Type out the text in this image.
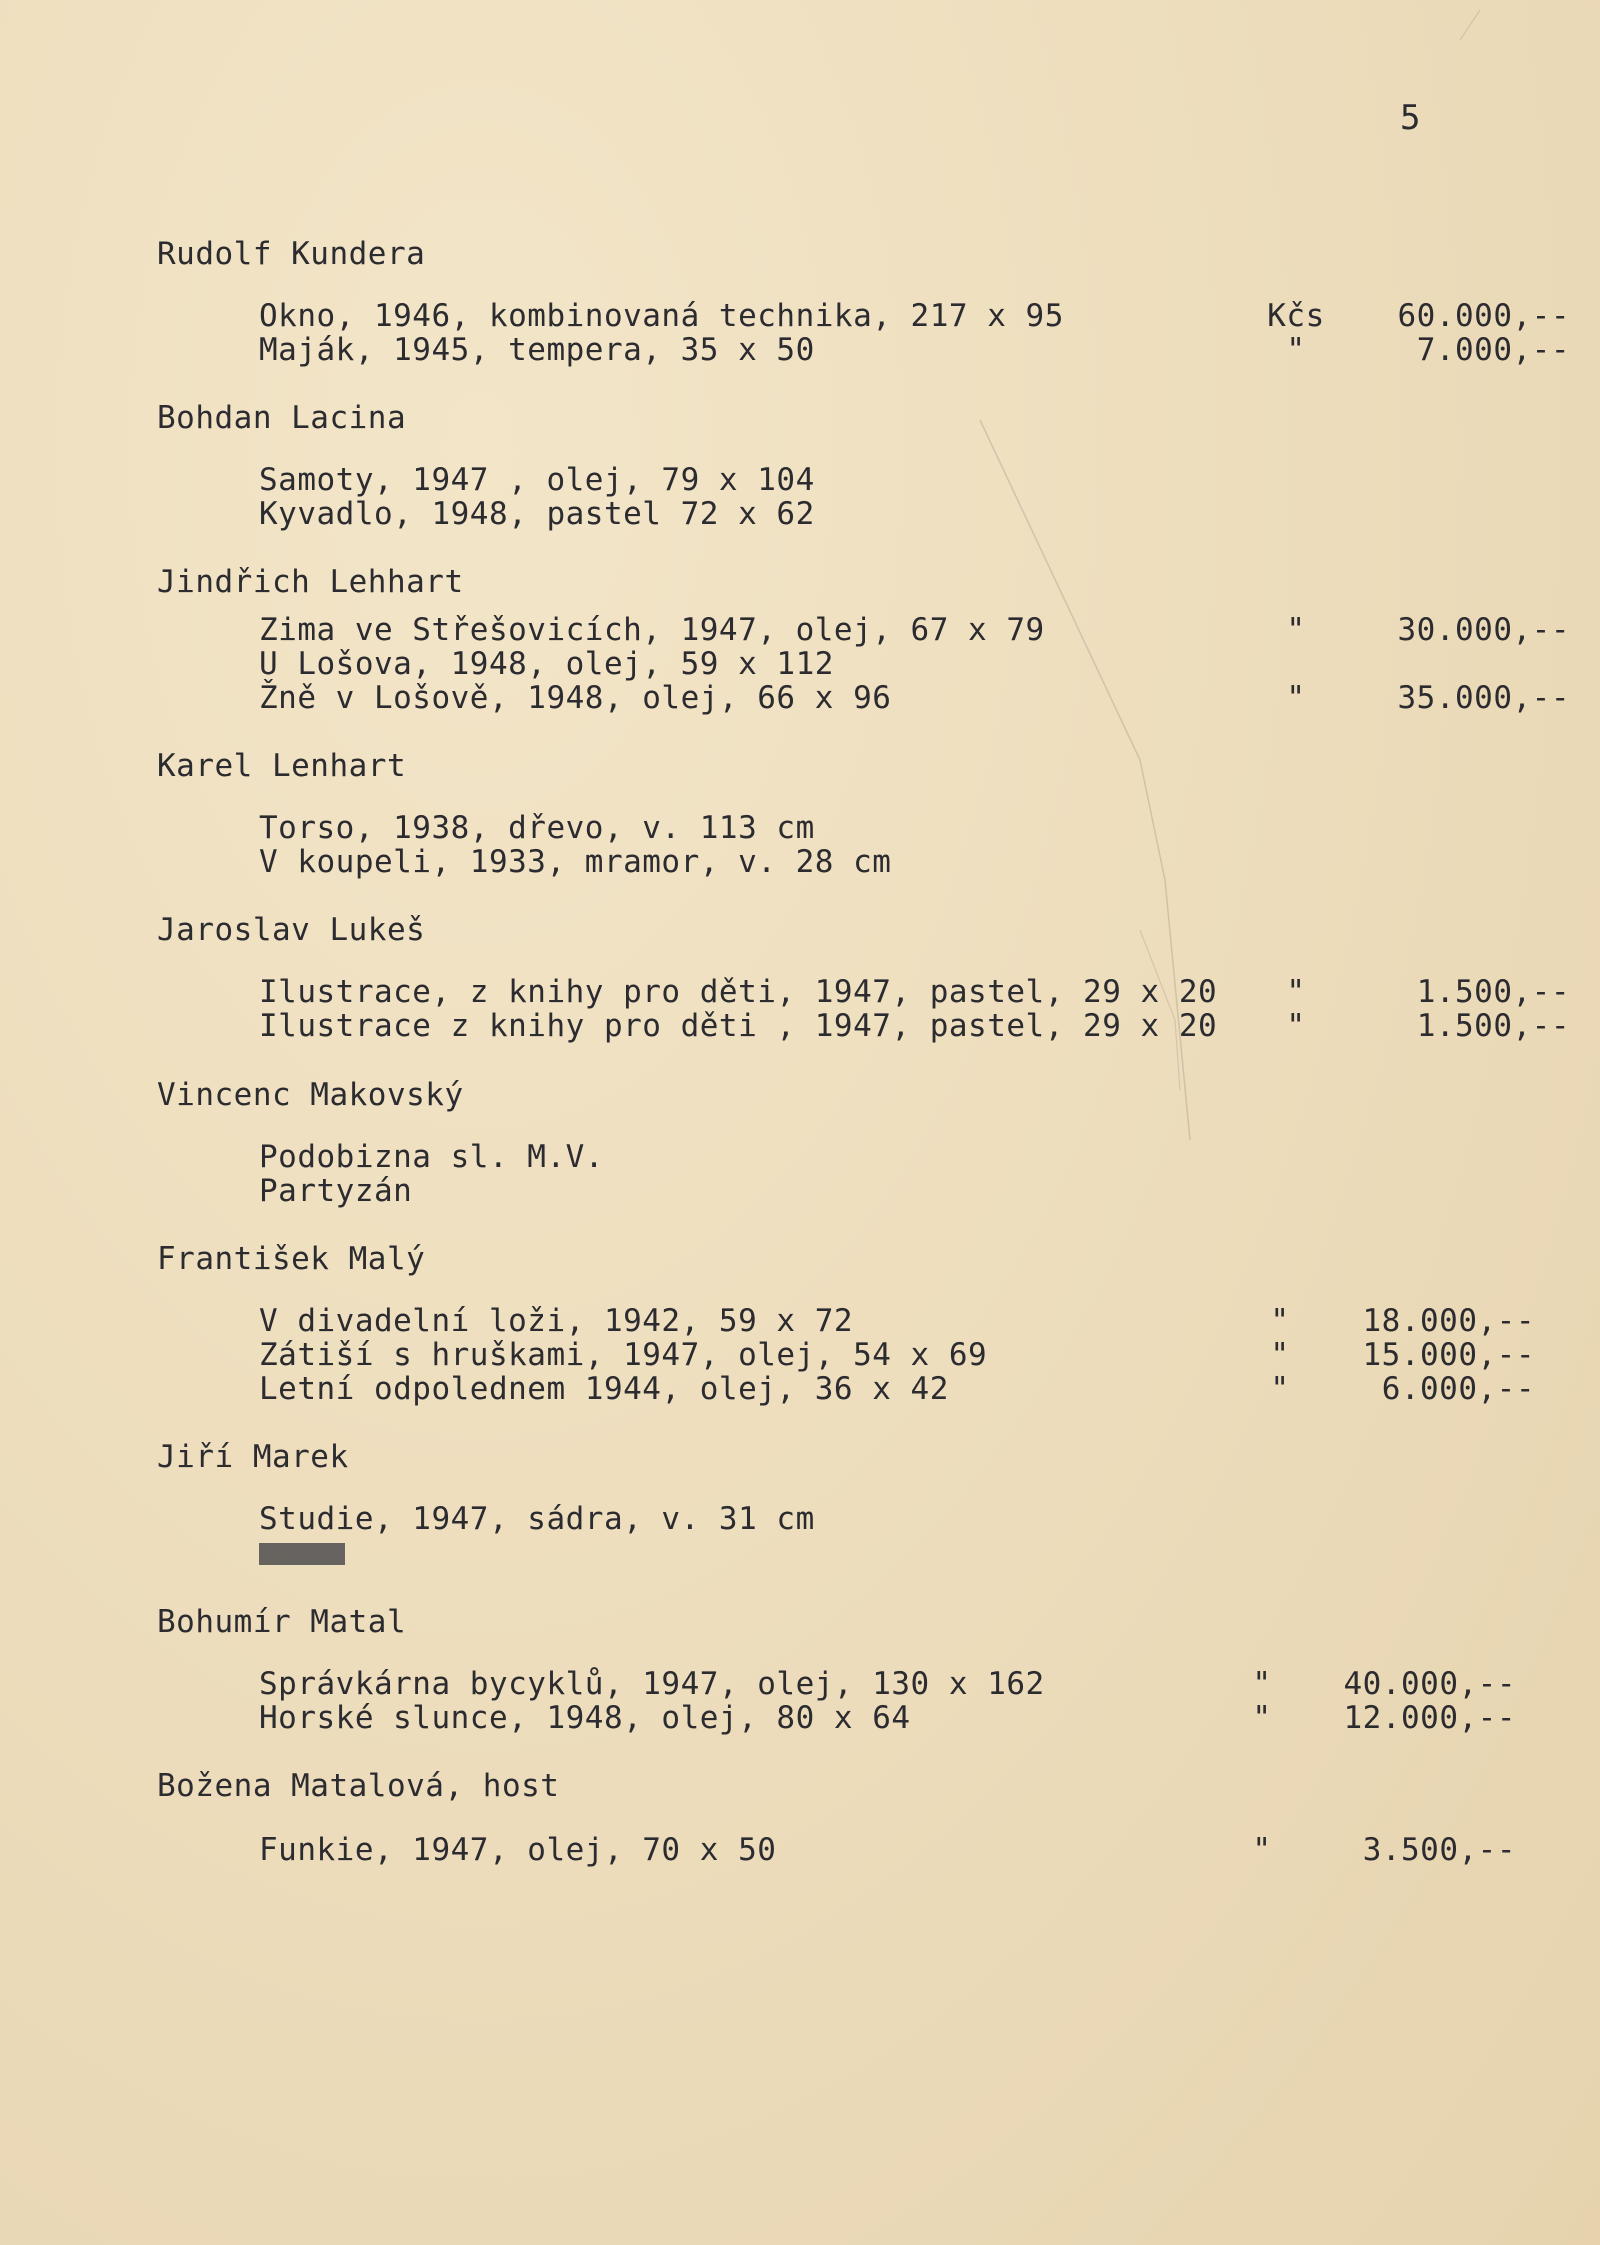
5
Rudolf Kundera
Okno, 1946, kombinovaná technika, 217 x 95	Kčs	60.000,--
Maják, 1945, tempera, 35 x 50	"	7.000,--
Bohdan Lacina
Samoty, 1947 , olej, 79 x 104
Kyvadlo, 1948, pastel 72 x 62
Jindřich Lehhart
Zima ve Střešovicích, 1947, olej, 67 x 79	"	30.000,--
U Lošova, 1948, olej, 59 x 112
Žně v Lošově, 1948, olej, 66 x 96	"	35.000,--
Karel Lenhart
Torso, 1938, dřevo, v. 113 cm
V koupeli, 1933, mramor, v. 28 cm
Jaroslav Lukeš
Ilustrace, z knihy pro děti, 1947, pastel, 29 x 20	"	1.500,--
Ilustrace z knihy pro děti , 1947, pastel, 29 x 20	"	1.500,--
Vincenc Makovský
Podobizna sl. M.V.
Partyzán
František Malý
V divadelní loži, 1942, 59 x 72	"	18.000,--
Zátiší s hruškami, 1947, olej, 54 x 69	"	15.000,--
Letní odpolednem 1944, olej, 36 x 42	"	6.000,--
Jiří Marek
Studie, 1947, sádra, v. 31 cm
Bohumír Matal
Správkárna bycyklů, 1947, olej, 130 x 162	"	40.000,--
Horské slunce, 1948, olej, 80 x 64	"	12.000,--
Božena Matalová, host
Funkie, 1947, olej, 70 x 50	"	3.500,--
